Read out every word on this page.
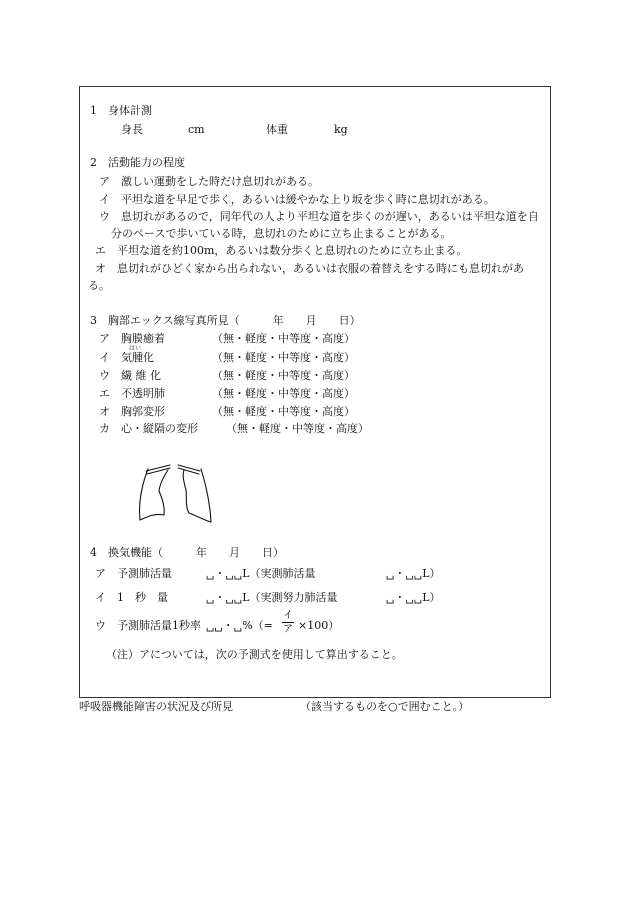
1　身体計測
身長	cm	体重	kg
2　活動能力の程度
ア　激しい運動をした時だけ息切れがある。
イ　平坦な道を早足で歩く，あるいは緩やかな上り坂を歩く時に息切れがある。
ウ　息切れがあるので，同年代の人より平坦な道を歩くのが遅い，あるいは平坦な道を自
分のペースで歩いている時，息切れのために立ち止まることがある。
エ　平坦な道を約100m，あるいは数分歩くと息切れのために立ち止まる。
オ　息切れがひどく家から出られない，あるいは衣服の着替えをする時にも息切れがあ
る。
3　胸部エックス線写真所見（　　　年　　月　　日）
ア　胸膜癒着	（無・軽度・中等度・高度）
はい
イ　気腫化	（無・軽度・中等度・高度）
ウ　繊 維 化	（無・軽度・中等度・高度）
エ　不透明肺	（無・軽度・中等度・高度）
オ　胸郭変形	（無・軽度・中等度・高度）
カ　心・縦隔の変形	（無・軽度・中等度・高度）
4　換気機能（　　　年　　月　　日）
ア　予測肺活量	␣・␣␣L（実測肺活量	␣・␣␣L）
イ　1　秒　量	␣・␣␣L（実測努力肺活量	␣・␣␣L）
ウ　予測肺活量1秒率 ␣␣・␣%（=
イ
ア ×100）
（注）アについては，次の予測式を使用して算出すること。
呼吸器機能障害の状況及び所見	（該当するものを○で囲むこと。）
